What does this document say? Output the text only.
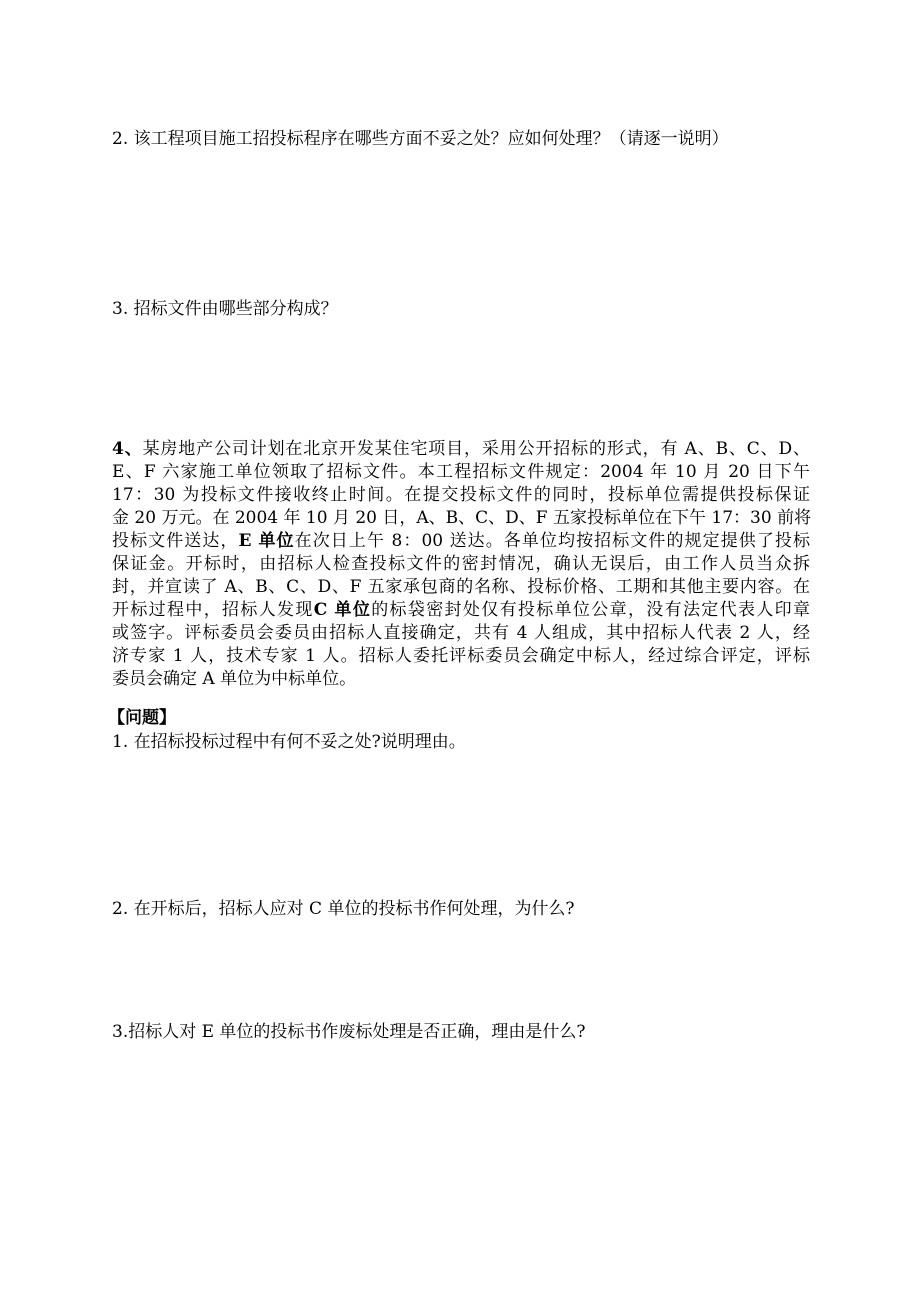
2. 该工程项目施工招投标程序在哪些方面不妥之处？应如何处理？（请逐一说明）
3. 招标文件由哪些部分构成？
4、某房地产公司计划在北京开发某住宅项目，采用公开招标的形式，有 A、B、C、D、
E、F 六家施工单位领取了招标文件。本工程招标文件规定：2004 年 10 月 20 日下午
17：30 为投标文件接收终止时间。在提交投标文件的同时，投标单位需提供投标保证
金 20 万元。在 2004 年 10 月 20 日，A、B、C、D、F 五家投标单位在下午 17：30 前将
投标文件送达，E 单位在次日上午 8：00 送达。各单位均按招标文件的规定提供了投标
保证金。开标时，由招标人检查投标文件的密封情况，确认无误后，由工作人员当众拆
封，并宣读了 A、B、C、D、F 五家承包商的名称、投标价格、工期和其他主要内容。在
开标过程中，招标人发现C 单位的标袋密封处仅有投标单位公章，没有法定代表人印章
或签字。评标委员会委员由招标人直接确定，共有 4 人组成，其中招标人代表 2 人，经
济专家 1 人，技术专家 1 人。招标人委托评标委员会确定中标人，经过综合评定，评标
委员会确定 A 单位为中标单位。
【问题】
1. 在招标投标过程中有何不妥之处?说明理由。
2. 在开标后，招标人应对 C 单位的投标书作何处理，为什么?
3.招标人对 E 单位的投标书作废标处理是否正确，理由是什么?
